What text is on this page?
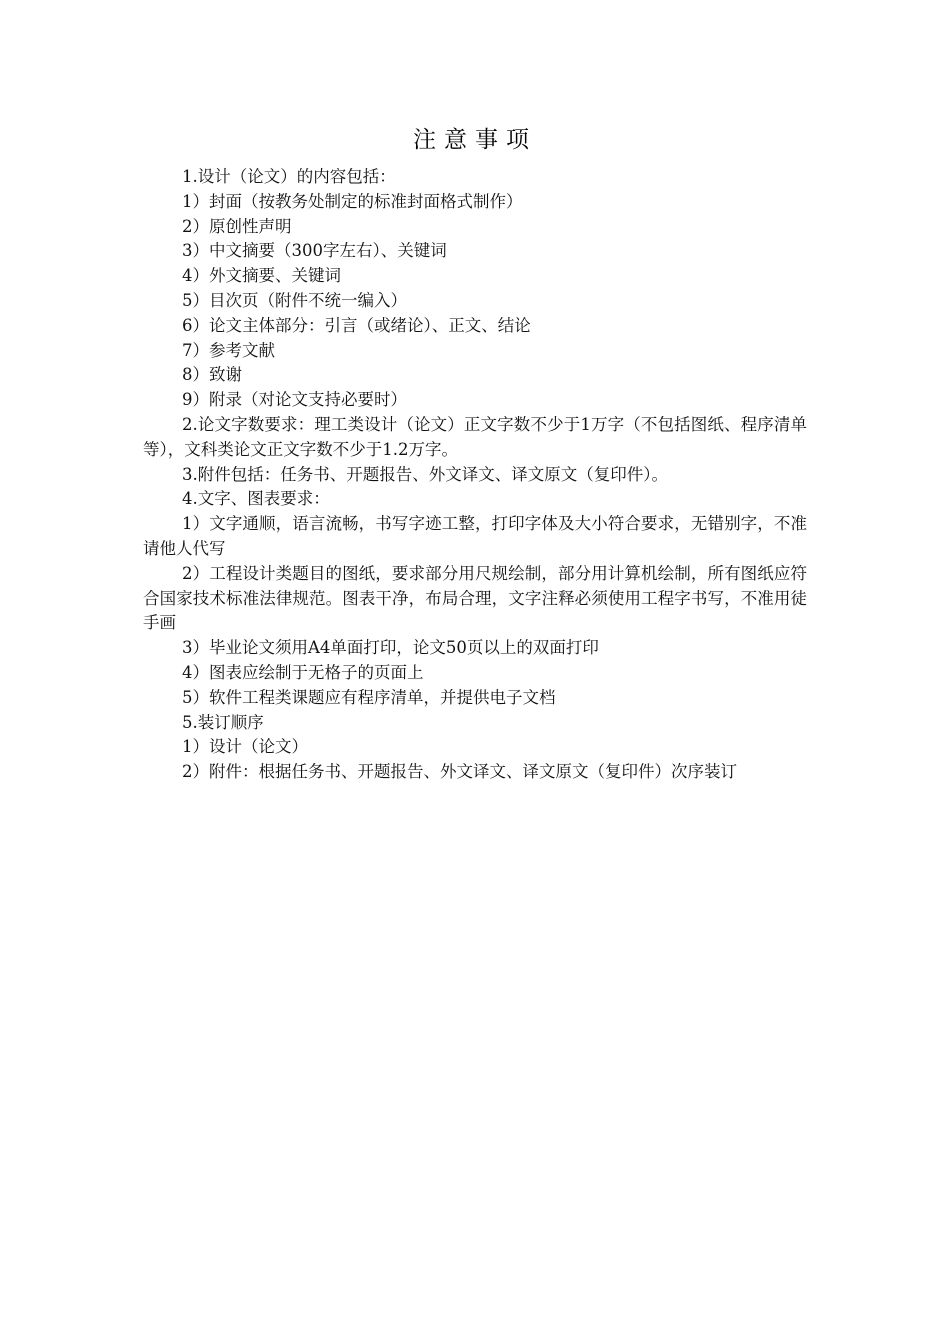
注意事项

1.设计（论文）的内容包括：

1）封面（按教务处制定的标准封面格式制作）

2）原创性声明

3）中文摘要（300字左右）、关键词

4）外文摘要、关键词

5）目次页（附件不统一编入）

6）论文主体部分：引言（或绪论）、正文、结论

7）参考文献

8）致谢

9）附录（对论文支持必要时）

2.论文字数要求：理工类设计（论文）正文字数不少于1万字（不包括图纸、程序清单等），文科类论文正文字数不少于1.2万字。

3.附件包括：任务书、开题报告、外文译文、译文原文（复印件）。

4.文字、图表要求：

1）文字通顺，语言流畅，书写字迹工整，打印字体及大小符合要求，无错别字，不准请他人代写

2）工程设计类题目的图纸，要求部分用尺规绘制，部分用计算机绘制，所有图纸应符合国家技术标准法律规范。图表干净，布局合理，文字注释必须使用工程字书写，不准用徒手画

3）毕业论文须用A4单面打印，论文50页以上的双面打印

4）图表应绘制于无格子的页面上

5）软件工程类课题应有程序清单，并提供电子文档

5.装订顺序

1）设计（论文）

2）附件：根据任务书、开题报告、外文译文、译文原文（复印件）次序装订
